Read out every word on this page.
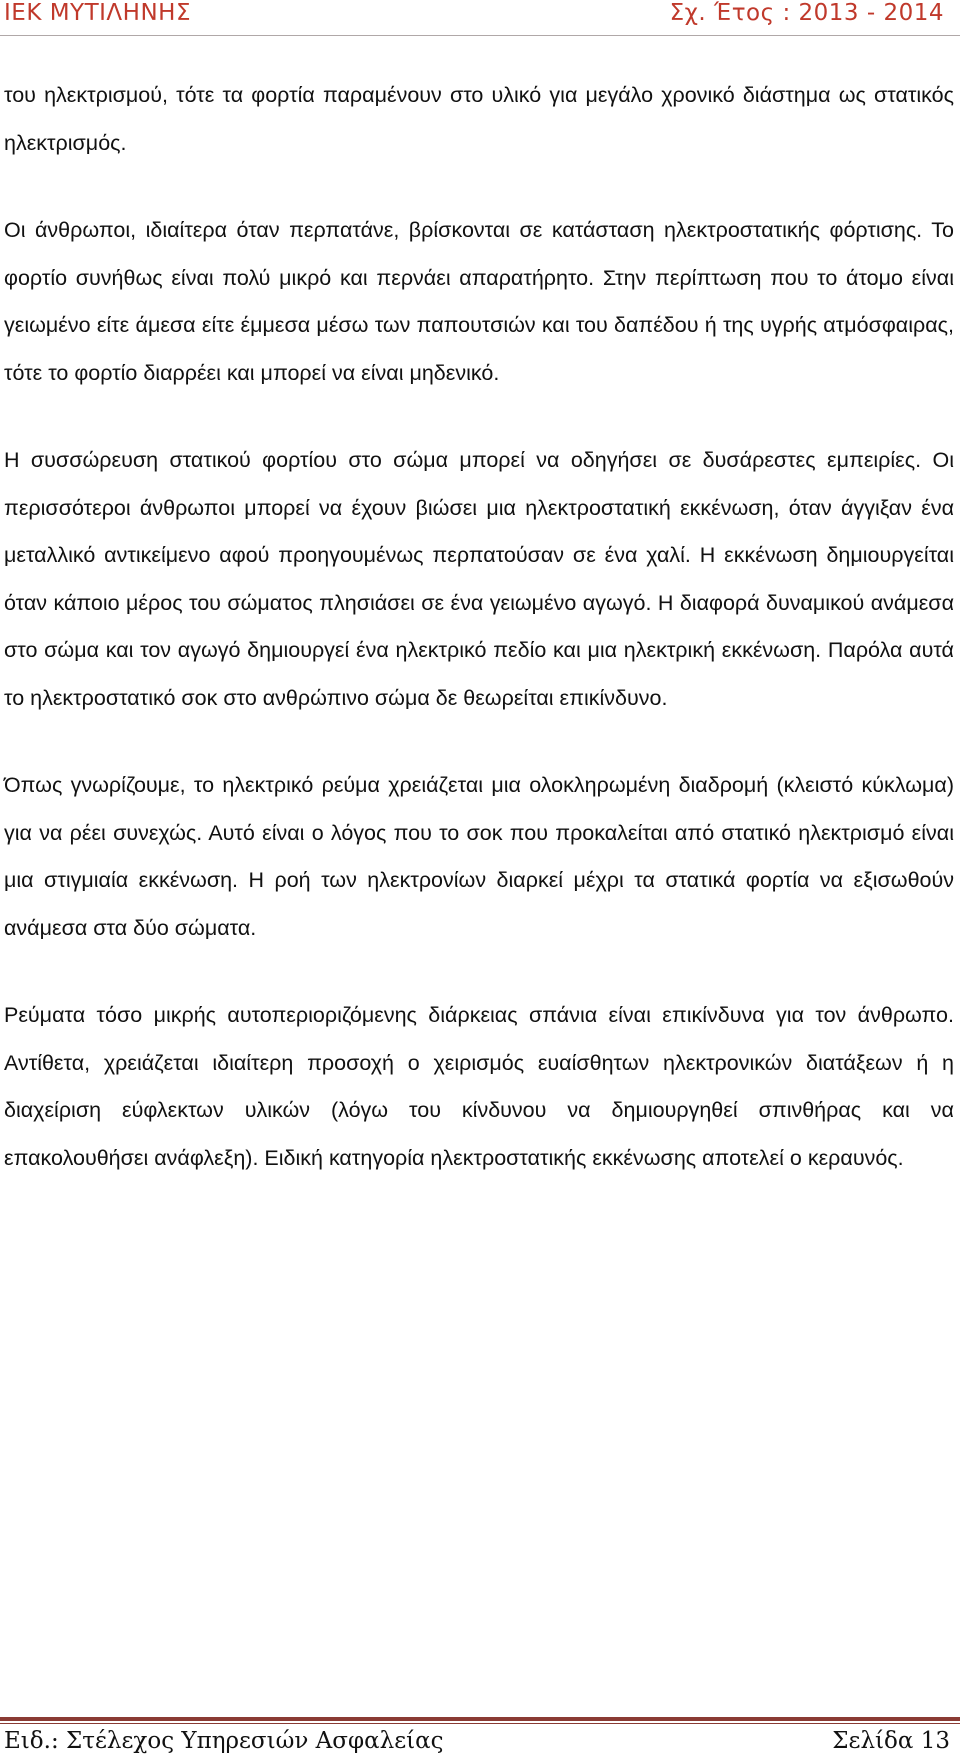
ΙΕΚ ΜΥΤΙΛΗΝΗΣ	Σχ. Έτος : 2013 - 2014

του ηλεκτρισμού, τότε τα φορτία παραμένουν στο υλικό για μεγάλο χρονικό διάστημα ως στατικός ηλεκτρισμός.

Οι άνθρωποι, ιδιαίτερα όταν περπατάνε, βρίσκονται σε κατάσταση ηλεκτροστατικής φόρτισης. Το φορτίο συνήθως είναι πολύ μικρό και περνάει απαρατήρητο. Στην περίπτωση που το άτομο είναι γειωμένο είτε άμεσα είτε έμμεσα μέσω των παπουτσιών και του δαπέδου ή της υγρής ατμόσφαιρας, τότε το φορτίο διαρρέει και μπορεί να είναι μηδενικό.

Η συσσώρευση στατικού φορτίου στο σώμα μπορεί να οδηγήσει σε δυσάρεστες εμπειρίες. Οι περισσότεροι άνθρωποι μπορεί να έχουν βιώσει μια ηλεκτροστατική εκκένωση, όταν άγγιξαν ένα μεταλλικό αντικείμενο αφού προηγουμένως περπατούσαν σε ένα χαλί. Η εκκένωση δημιουργείται όταν κάποιο μέρος του σώματος πλησιάσει σε ένα γειωμένο αγωγό. Η διαφορά δυναμικού ανάμεσα στο σώμα και τον αγωγό δημιουργεί ένα ηλεκτρικό πεδίο και μια ηλεκτρική εκκένωση. Παρόλα αυτά το ηλεκτροστατικό σοκ στο ανθρώπινο σώμα δε θεωρείται επικίνδυνο.

Όπως γνωρίζουμε, το ηλεκτρικό ρεύμα χρειάζεται μια ολοκληρωμένη διαδρομή (κλειστό κύκλωμα) για να ρέει συνεχώς. Αυτό είναι ο λόγος που το σοκ που προκαλείται από στατικό ηλεκτρισμό είναι μια στιγμιαία εκκένωση. Η ροή των ηλεκτρονίων διαρκεί μέχρι τα στατικά φορτία να εξισωθούν ανάμεσα στα δύο σώματα.

Ρεύματα τόσο μικρής αυτοπεριοριζόμενης διάρκειας σπάνια είναι επικίνδυνα για τον άνθρωπο. Αντίθετα, χρειάζεται ιδιαίτερη προσοχή ο χειρισμός ευαίσθητων ηλεκτρονικών διατάξεων ή η διαχείριση εύφλεκτων υλικών (λόγω του κίνδυνου να δημιουργηθεί σπινθήρας και να επακολουθήσει ανάφλεξη). Ειδική κατηγορία ηλεκτροστατικής εκκένωσης αποτελεί ο κεραυνός.

Ειδ.: Στέλεχος Υπηρεσιών Ασφαλείας	Σελίδα 13
